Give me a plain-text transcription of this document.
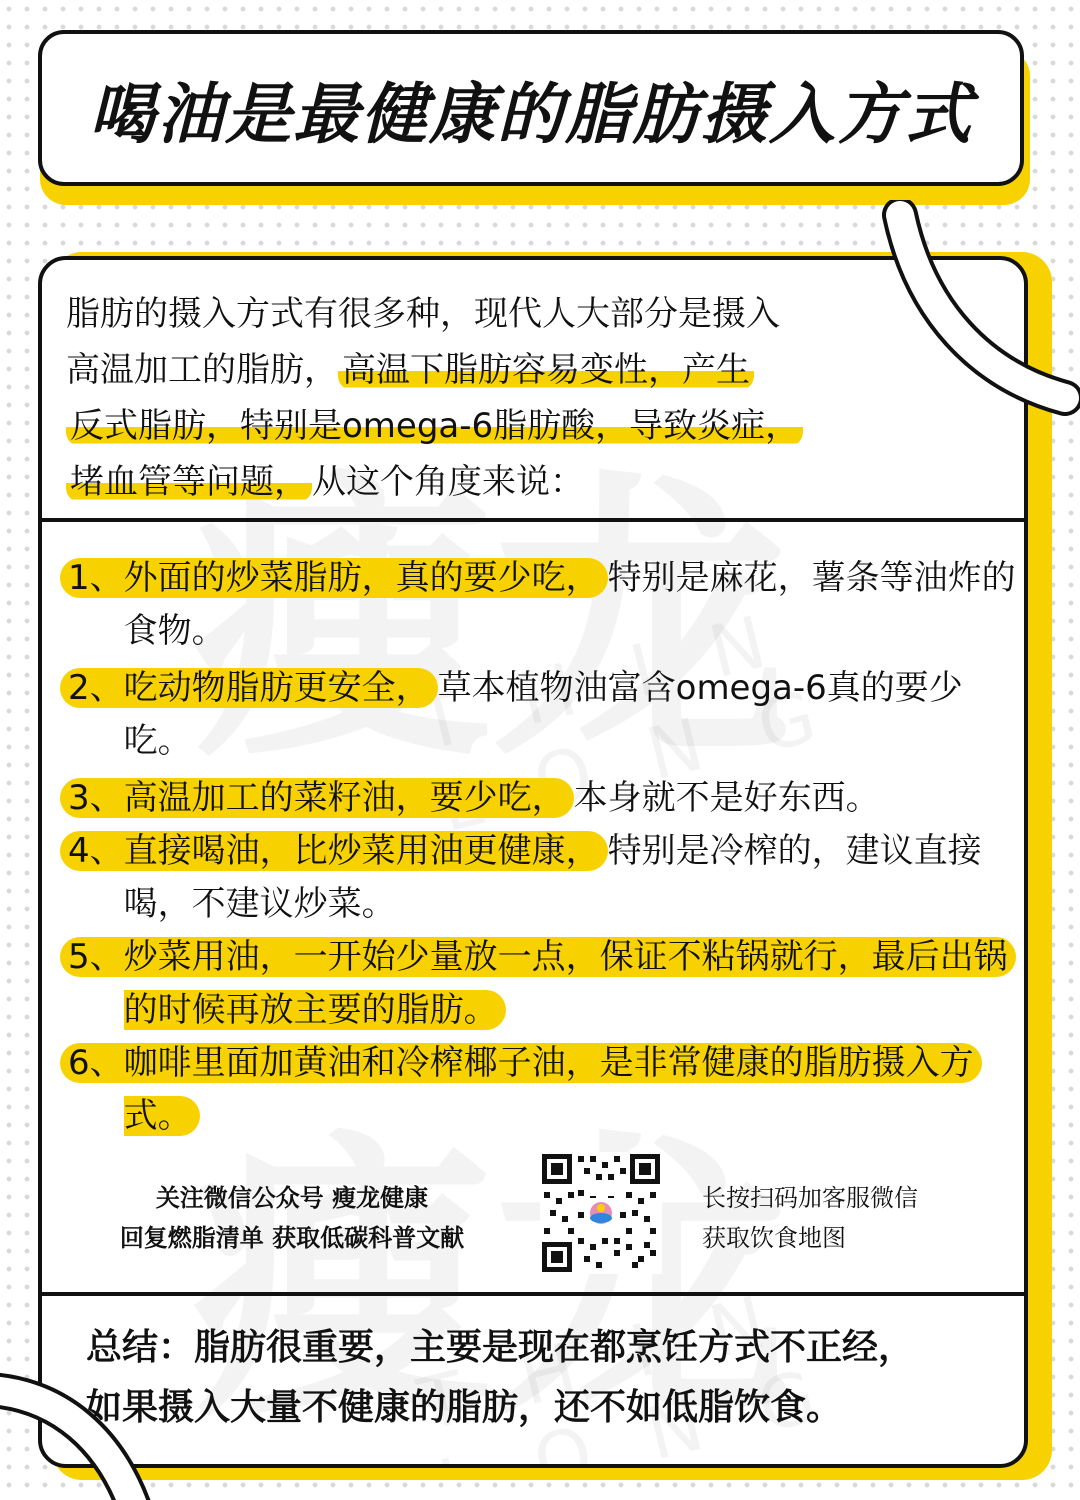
喝油是最健康的脂肪摄入方式
脂肪的摄入方式有很多种，现代人大部分是摄入
高温加工的脂肪， 高温下脂肪容易变性，产生
反式脂肪，特别是omega-6脂肪酸，导致炎症，
堵血管等问题， 从这个角度来说：
1、 外面的炒菜脂肪，真的要少吃， 特别是麻花，薯条等油炸的食物。
2、 吃动物脂肪更安全， 草本植物油富含omega-6真的要少吃。
3、 高温加工的菜籽油，要少吃， 本身就不是好东西。
4、 直接喝油，比炒菜用油更健康， 特别是冷榨的，建议直接喝，不建议炒菜。
5、 炒菜用油，一开始少量放一点，保证不粘锅就行，最后出锅的时候再放主要的脂肪。
6、 咖啡里面加黄油和冷榨椰子油，是非常健康的脂肪摄入方式。
关注微信公众号 瘦龙健康
回复燃脂清单 获取低碳科普文献
长按扫码加客服微信
获取饮食地图
总结：脂肪很重要，主要是现在都烹饪方式不正经，
如果摄入大量不健康的脂肪，还不如低脂饮食。
